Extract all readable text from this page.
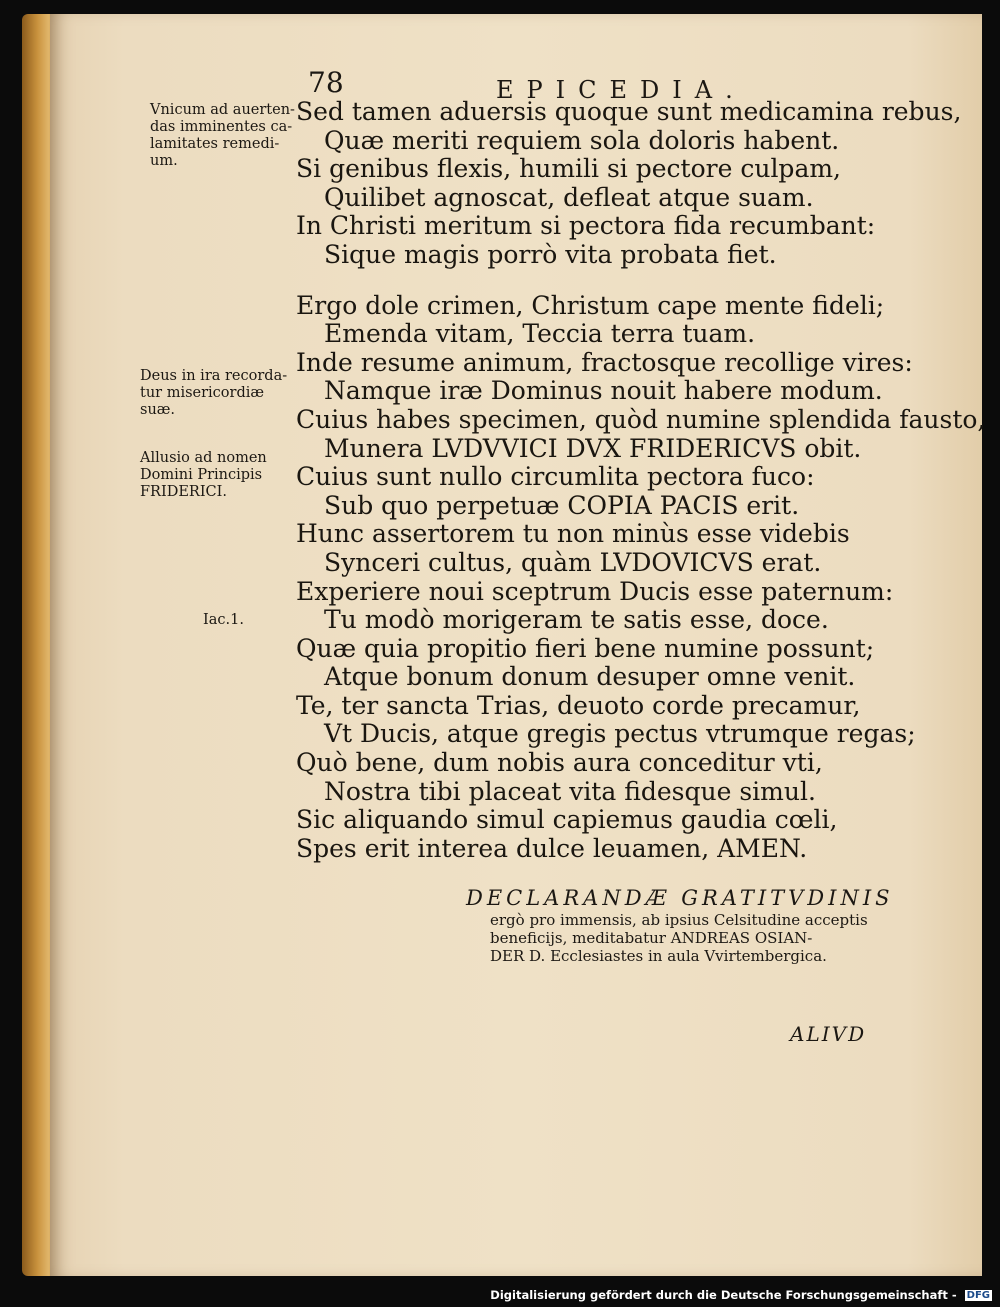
78	EPICEDIA.
Vnicum ad auerten-
das imminentes ca-
lamitates remedi-
um.
Deus in ira recorda-
tur misericordiæ
suæ.
Allusio ad nomen
Domini Principis
FRIDERICI.
Iac.1.
Sed tamen aduersis quoque sunt medicamina rebus,
Quæ meriti requiem sola doloris habent.
Si genibus flexis, humili si pectore culpam,
Quilibet agnoscat, defleat atque suam.
In Christi meritum si pectora fida recumbant:
Sique magis porrò vita probata fiet.
Ergo dole crimen, Christum cape mente fideli;
Emenda vitam, Teccia terra tuam.
Inde resume animum, fractosque recollige vires:
Namque iræ Dominus nouit habere modum.
Cuius habes specimen, quòd numine splendida fausto,
Munera LVDVVICI DVX FRIDERICVS obit.
Cuius sunt nullo circumlita pectora fuco:
Sub quo perpetuæ COPIA PACIS erit.
Hunc assertorem tu non minùs esse videbis
Synceri cultus, quàm LVDOVICVS erat.
Experiere noui sceptrum Ducis esse paternum:
Tu modò morigeram te satis esse, doce.
Quæ quia propitio fieri bene numine possunt;
Atque bonum donum desuper omne venit.
Te, ter sancta Trias, deuoto corde precamur,
Vt Ducis, atque gregis pectus vtrumque regas;
Quò bene, dum nobis aura conceditur vti,
Nostra tibi placeat vita fidesque simul.
Sic aliquando simul capiemus gaudia cœli,
Spes erit interea dulce leuamen, AMEN.
DECLARANDÆ GRATITVDINIS
ergò pro immensis, ab ipsius Celsitudine acceptis
beneficijs, meditabatur ANDREAS OSIAN-
DER D. Ecclesiastes in aula Vvirtembergica.
ALIVD
Digitalisierung gefördert durch die Deutsche Forschungsgemeinschaft - DFG
